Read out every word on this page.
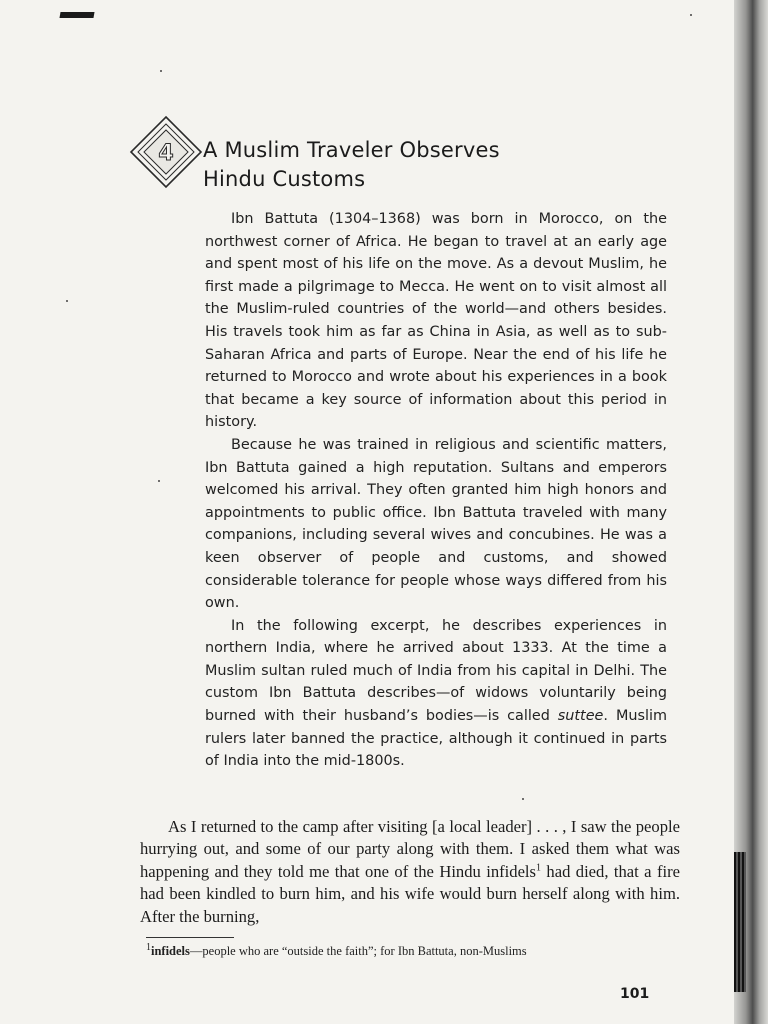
4 A Muslim Traveler Observes
Hindu Customs

Ibn Battuta (1304–1368) was born in Morocco, on the northwest corner of Africa. He began to travel at an early age and spent most of his life on the move. As a devout Muslim, he first made a pilgrimage to Mecca. He went on to visit almost all the Muslim-ruled countries of the world—and others besides. His travels took him as far as China in Asia, as well as to sub-Saharan Africa and parts of Europe. Near the end of his life he returned to Morocco and wrote about his experiences in a book that became a key source of information about this period in history.

Because he was trained in religious and scientific matters, Ibn Battuta gained a high reputation. Sultans and emperors welcomed his arrival. They often granted him high honors and appointments to public office. Ibn Battuta traveled with many companions, including several wives and concubines. He was a keen observer of people and customs, and showed considerable tolerance for people whose ways differed from his own.

In the following excerpt, he describes experiences in northern India, where he arrived about 1333. At the time a Muslim sultan ruled much of India from his capital in Delhi. The custom Ibn Battuta describes—of widows voluntarily being burned with their husband’s bodies—is called suttee. Muslim rulers later banned the practice, although it continued in parts of India into the mid-1800s.

As I returned to the camp after visiting [a local leader] . . . , I saw the people hurrying out, and some of our party along with them. I asked them what was happening and they told me that one of the Hindu infidels$^1$ had died, that a fire had been kindled to burn him, and his wife would burn herself along with him. After the burning,

$^1$infidels—people who are “outside the faith”; for Ibn Battuta, non-Muslims
101
